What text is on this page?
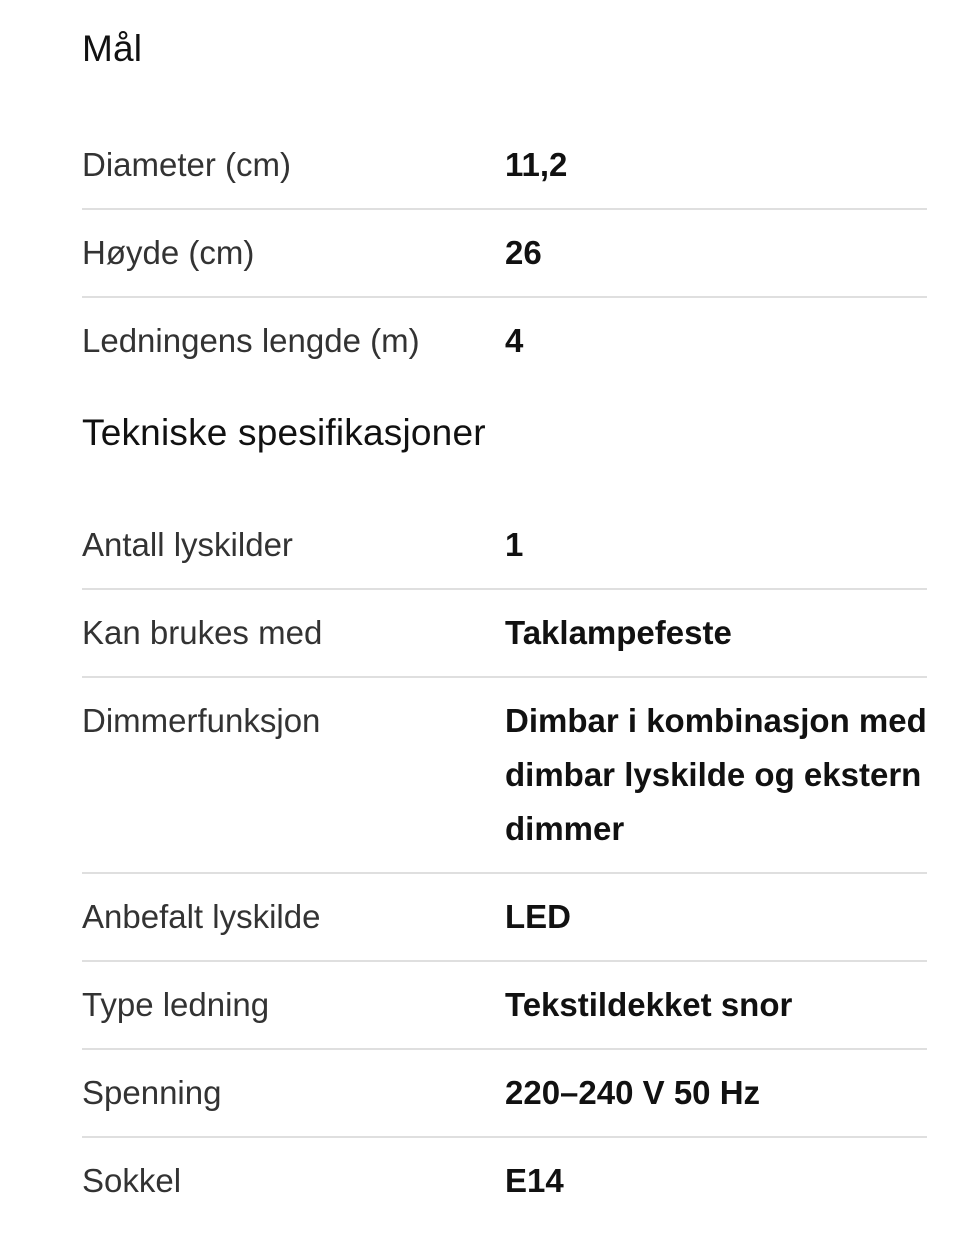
Mål
Diameter (cm)	11,2
Høyde (cm)	26
Ledningens lengde (m)	4
Tekniske spesifikasjoner
Antall lyskilder	1
Kan brukes med	Taklampefeste
Dimmerfunksjon	Dimbar i kombinasjon med dimbar lyskilde og ekstern dimmer
Anbefalt lyskilde	LED
Type ledning	Tekstildekket snor
Spenning	220–240 V 50 Hz
Sokkel	E14
